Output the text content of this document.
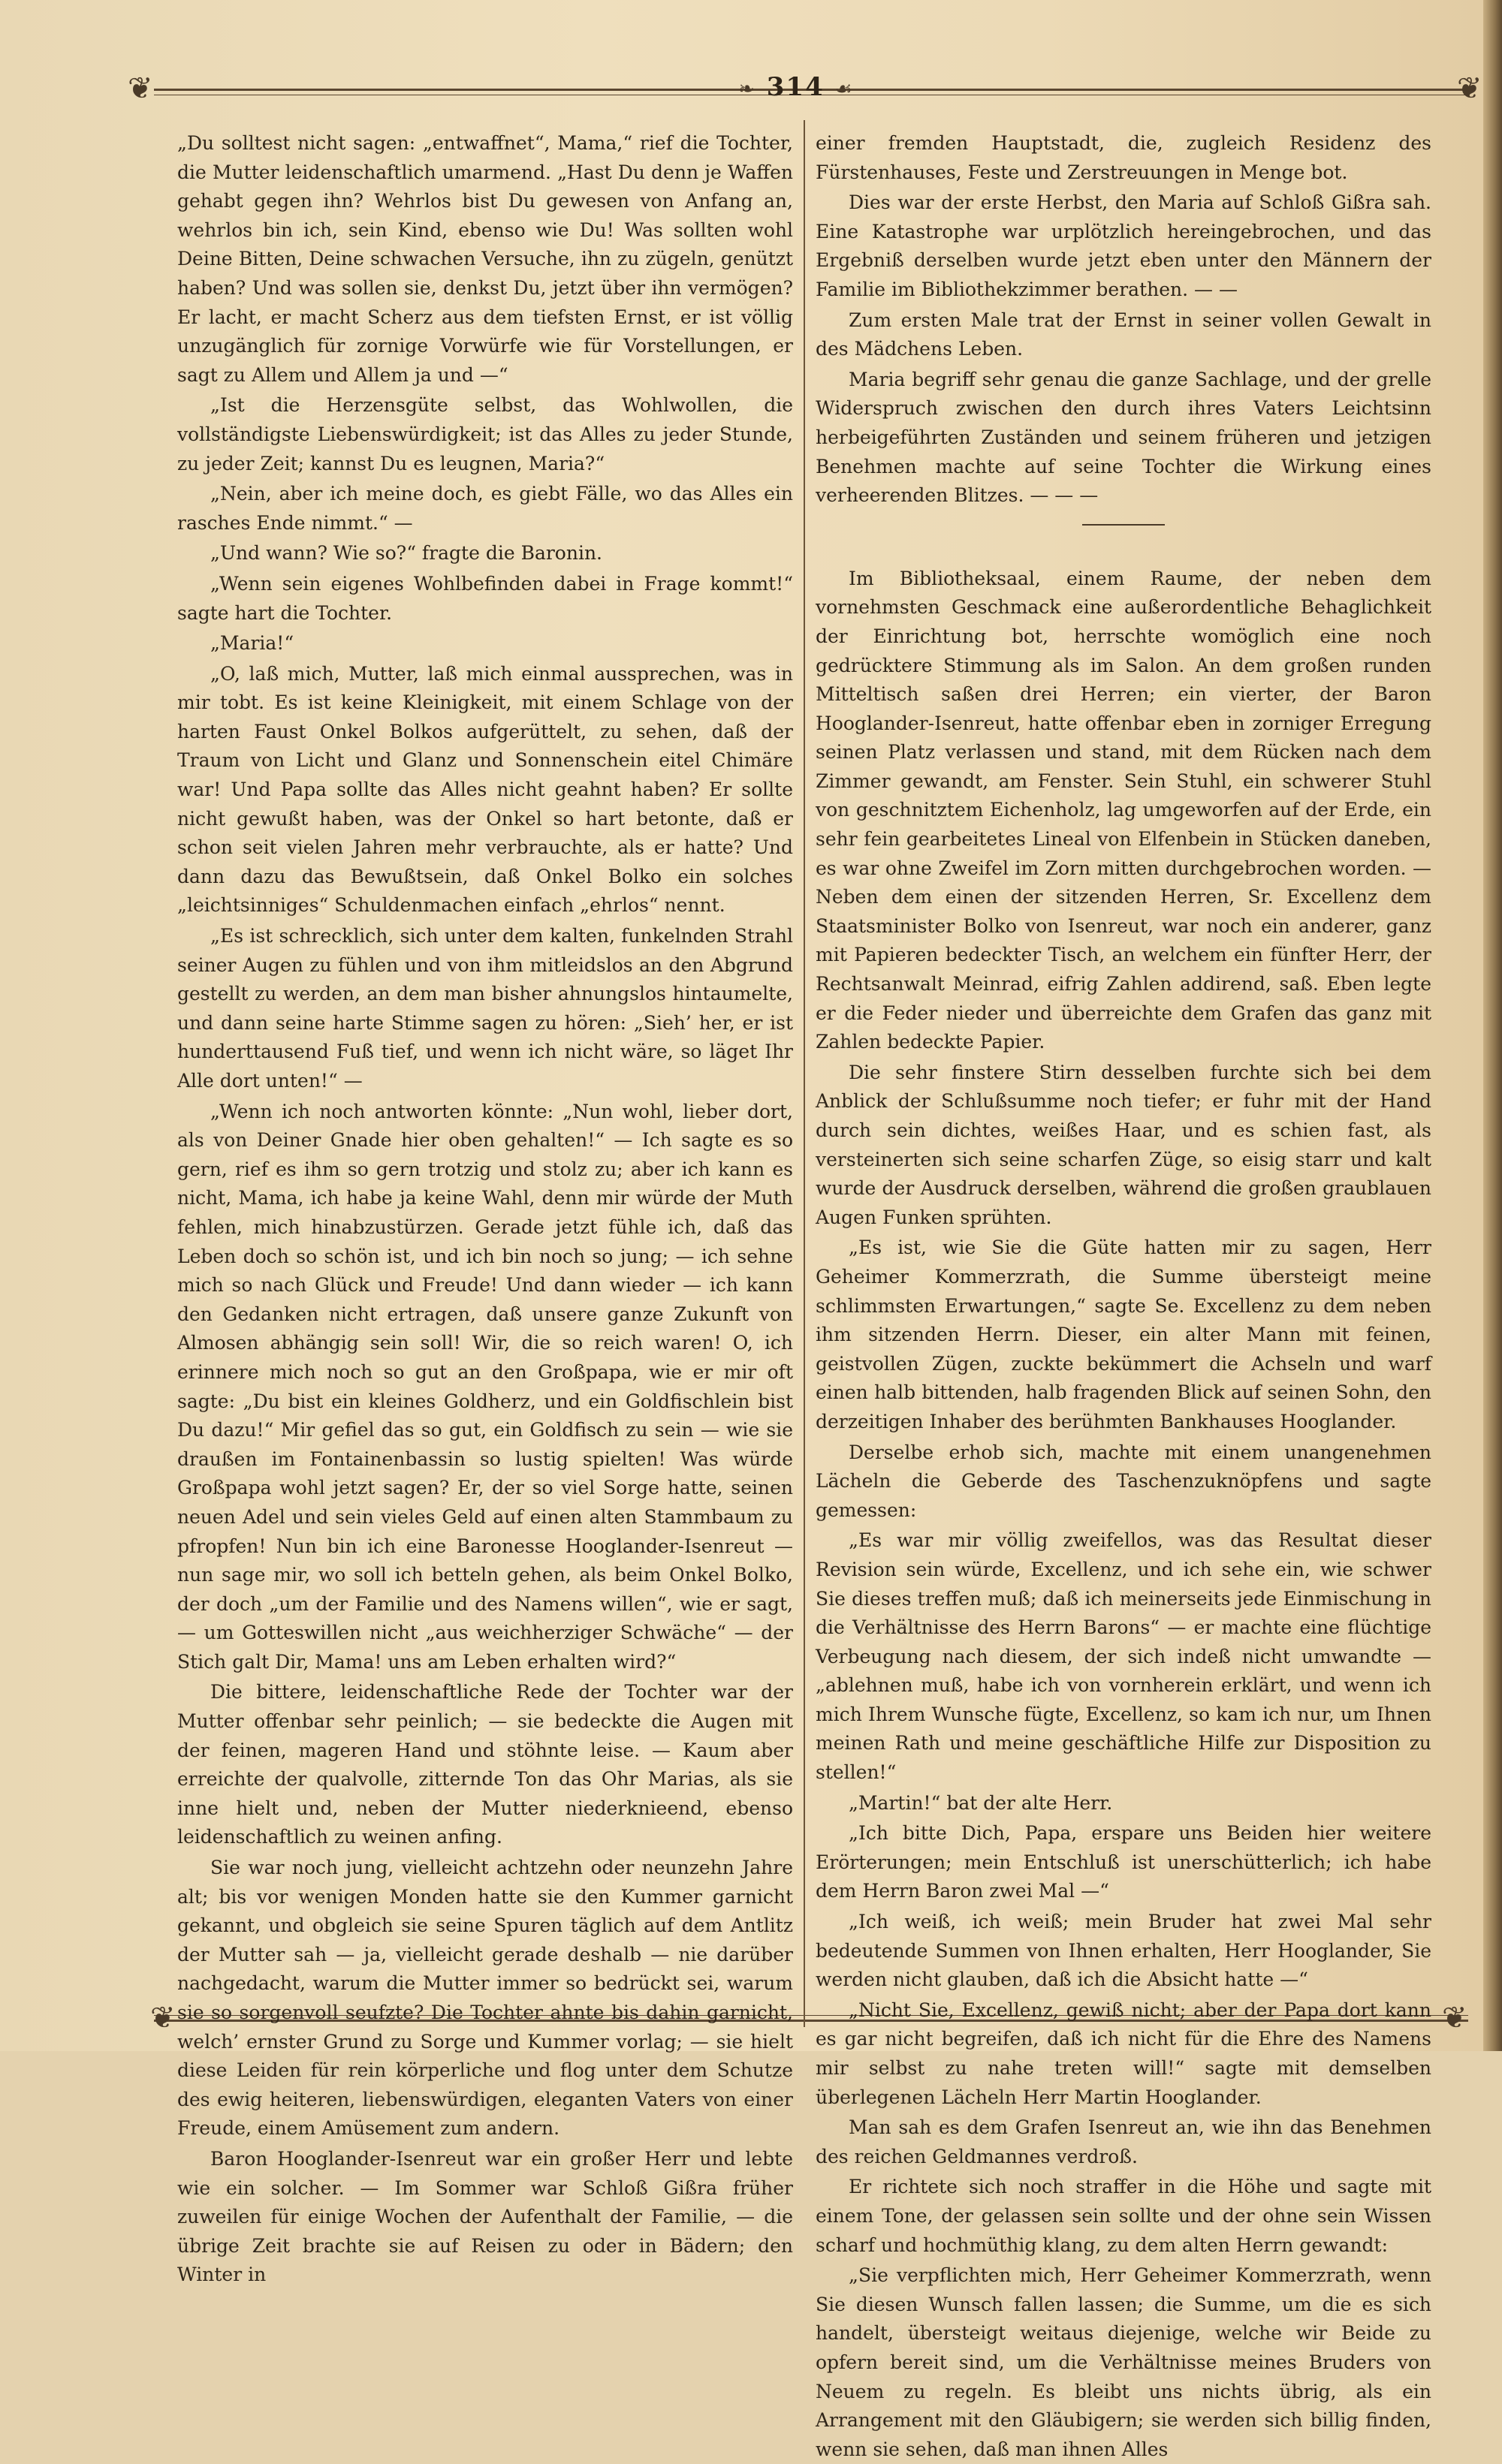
❦	❦
❦	❦
❧ 314 ☙

„Du solltest nicht sagen: „entwaffnet“, Mama,“ rief die Tochter, die Mutter leidenschaftlich umarmend. „Hast Du denn je Waffen gehabt gegen ihn? Wehrlos bist Du gewesen von Anfang an, wehrlos bin ich, sein Kind, ebenso wie Du! Was sollten wohl Deine Bitten, Deine schwachen Versuche, ihn zu zügeln, genützt haben? Und was sollen sie, denkst Du, jetzt über ihn vermögen? Er lacht, er macht Scherz aus dem tiefsten Ernst, er ist völlig unzugänglich für zornige Vorwürfe wie für Vorstellungen, er sagt zu Allem und Allem ja und —“

„Ist die Herzensgüte selbst, das Wohlwollen, die vollständigste Liebenswürdigkeit; ist das Alles zu jeder Stunde, zu jeder Zeit; kannst Du es leugnen, Maria?“

„Nein, aber ich meine doch, es giebt Fälle, wo das Alles ein rasches Ende nimmt.“ —

„Und wann? Wie so?“ fragte die Baronin.

„Wenn sein eigenes Wohlbefinden dabei in Frage kommt!“ sagte hart die Tochter.

„Maria!“

„O, laß mich, Mutter, laß mich einmal aussprechen, was in mir tobt. Es ist keine Kleinigkeit, mit einem Schlage von der harten Faust Onkel Bolkos aufgerüttelt, zu sehen, daß der Traum von Licht und Glanz und Sonnenschein eitel Chimäre war! Und Papa sollte das Alles nicht geahnt haben? Er sollte nicht gewußt haben, was der Onkel so hart betonte, daß er schon seit vielen Jahren mehr verbrauchte, als er hatte? Und dann dazu das Bewußtsein, daß Onkel Bolko ein solches „leichtsinniges“ Schuldenmachen einfach „ehrlos“ nennt.

„Es ist schrecklich, sich unter dem kalten, funkelnden Strahl seiner Augen zu fühlen und von ihm mitleidslos an den Abgrund gestellt zu werden, an dem man bisher ahnungslos hintaumelte, und dann seine harte Stimme sagen zu hören: „Sieh’ her, er ist hunderttausend Fuß tief, und wenn ich nicht wäre, so läget Ihr Alle dort unten!“ —

„Wenn ich noch antworten könnte: „Nun wohl, lieber dort, als von Deiner Gnade hier oben gehalten!“ — Ich sagte es so gern, rief es ihm so gern trotzig und stolz zu; aber ich kann es nicht, Mama, ich habe ja keine Wahl, denn mir würde der Muth fehlen, mich hinabzustürzen. Gerade jetzt fühle ich, daß das Leben doch so schön ist, und ich bin noch so jung; — ich sehne mich so nach Glück und Freude! Und dann wieder — ich kann den Gedanken nicht ertragen, daß unsere ganze Zukunft von Almosen abhängig sein soll! Wir, die so reich waren! O, ich erinnere mich noch so gut an den Großpapa, wie er mir oft sagte: „Du bist ein kleines Goldherz, und ein Goldfischlein bist Du dazu!“ Mir gefiel das so gut, ein Goldfisch zu sein — wie sie draußen im Fontainenbassin so lustig spielten! Was würde Großpapa wohl jetzt sagen? Er, der so viel Sorge hatte, seinen neuen Adel und sein vieles Geld auf einen alten Stammbaum zu pfropfen! Nun bin ich eine Baronesse Hooglander-Isenreut — nun sage mir, wo soll ich betteln gehen, als beim Onkel Bolko, der doch „um der Familie und des Namens willen“, wie er sagt, — um Gotteswillen nicht „aus weichherziger Schwäche“ — der Stich galt Dir, Mama! uns am Leben erhalten wird?“

Die bittere, leidenschaftliche Rede der Tochter war der Mutter offenbar sehr peinlich; — sie bedeckte die Augen mit der feinen, mageren Hand und stöhnte leise. — Kaum aber erreichte der qualvolle, zitternde Ton das Ohr Marias, als sie inne hielt und, neben der Mutter niederknieend, ebenso leidenschaftlich zu weinen anfing.

Sie war noch jung, vielleicht achtzehn oder neunzehn Jahre alt; bis vor wenigen Monden hatte sie den Kummer garnicht gekannt, und obgleich sie seine Spuren täglich auf dem Antlitz der Mutter sah — ja, vielleicht gerade deshalb — nie darüber nachgedacht, warum die Mutter immer so bedrückt sei, warum sie so sorgenvoll seufzte? Die Tochter ahnte bis dahin garnicht, welch’ ernster Grund zu Sorge und Kummer vorlag; — sie hielt diese Leiden für rein körperliche und flog unter dem Schutze des ewig heiteren, liebenswürdigen, eleganten Vaters von einer Freude, einem Amüsement zum andern.

Baron Hooglander-Isenreut war ein großer Herr und lebte wie ein solcher. — Im Sommer war Schloß Gißra früher zuweilen für einige Wochen der Aufenthalt der Familie, — die übrige Zeit brachte sie auf Reisen zu oder in Bädern; den Winter in

einer fremden Hauptstadt, die, zugleich Residenz des Fürstenhauses, Feste und Zerstreuungen in Menge bot.

Dies war der erste Herbst, den Maria auf Schloß Gißra sah. Eine Katastrophe war urplötzlich hereingebrochen, und das Ergebniß derselben wurde jetzt eben unter den Männern der Familie im Bibliothekzimmer berathen. — —

Zum ersten Male trat der Ernst in seiner vollen Gewalt in des Mädchens Leben.

Maria begriff sehr genau die ganze Sachlage, und der grelle Widerspruch zwischen den durch ihres Vaters Leichtsinn herbeigeführten Zuständen und seinem früheren und jetzigen Benehmen machte auf seine Tochter die Wirkung eines verheerenden Blitzes. — — —

Im Bibliotheksaal, einem Raume, der neben dem vornehmsten Geschmack eine außerordentliche Behaglichkeit der Einrichtung bot, herrschte womöglich eine noch gedrücktere Stimmung als im Salon. An dem großen runden Mitteltisch saßen drei Herren; ein vierter, der Baron Hooglander-Isenreut, hatte offenbar eben in zorniger Erregung seinen Platz verlassen und stand, mit dem Rücken nach dem Zimmer gewandt, am Fenster. Sein Stuhl, ein schwerer Stuhl von geschnitztem Eichenholz, lag umgeworfen auf der Erde, ein sehr fein gearbeitetes Lineal von Elfenbein in Stücken daneben, es war ohne Zweifel im Zorn mitten durchgebrochen worden. — Neben dem einen der sitzenden Herren, Sr. Excellenz dem Staatsminister Bolko von Isenreut, war noch ein anderer, ganz mit Papieren bedeckter Tisch, an welchem ein fünfter Herr, der Rechtsanwalt Meinrad, eifrig Zahlen addirend, saß. Eben legte er die Feder nieder und überreichte dem Grafen das ganz mit Zahlen bedeckte Papier.

Die sehr finstere Stirn desselben furchte sich bei dem Anblick der Schlußsumme noch tiefer; er fuhr mit der Hand durch sein dichtes, weißes Haar, und es schien fast, als versteinerten sich seine scharfen Züge, so eisig starr und kalt wurde der Ausdruck derselben, während die großen graublauen Augen Funken sprühten.

„Es ist, wie Sie die Güte hatten mir zu sagen, Herr Geheimer Kommerzrath, die Summe übersteigt meine schlimmsten Erwartungen,“ sagte Se. Excellenz zu dem neben ihm sitzenden Herrn. Dieser, ein alter Mann mit feinen, geistvollen Zügen, zuckte bekümmert die Achseln und warf einen halb bittenden, halb fragenden Blick auf seinen Sohn, den derzeitigen Inhaber des berühmten Bankhauses Hooglander.

Derselbe erhob sich, machte mit einem unangenehmen Lächeln die Geberde des Taschenzuknöpfens und sagte gemessen:

„Es war mir völlig zweifellos, was das Resultat dieser Revision sein würde, Excellenz, und ich sehe ein, wie schwer Sie dieses treffen muß; daß ich meinerseits jede Einmischung in die Verhältnisse des Herrn Barons“ — er machte eine flüchtige Verbeugung nach diesem, der sich indeß nicht umwandte — „ablehnen muß, habe ich von vornherein erklärt, und wenn ich mich Ihrem Wunsche fügte, Excellenz, so kam ich nur, um Ihnen meinen Rath und meine geschäftliche Hilfe zur Disposition zu stellen!“

„Martin!“ bat der alte Herr.

„Ich bitte Dich, Papa, erspare uns Beiden hier weitere Erörterungen; mein Entschluß ist unerschütterlich; ich habe dem Herrn Baron zwei Mal —“

„Ich weiß, ich weiß; mein Bruder hat zwei Mal sehr bedeutende Summen von Ihnen erhalten, Herr Hooglander, Sie werden nicht glauben, daß ich die Absicht hatte —“

„Nicht Sie, Excellenz, gewiß nicht; aber der Papa dort kann es gar nicht begreifen, daß ich nicht für die Ehre des Namens mir selbst zu nahe treten will!“ sagte mit demselben überlegenen Lächeln Herr Martin Hooglander.

Man sah es dem Grafen Isenreut an, wie ihn das Benehmen des reichen Geldmannes verdroß.

Er richtete sich noch straffer in die Höhe und sagte mit einem Tone, der gelassen sein sollte und der ohne sein Wissen scharf und hochmüthig klang, zu dem alten Herrn gewandt:

„Sie verpflichten mich, Herr Geheimer Kommerzrath, wenn Sie diesen Wunsch fallen lassen; die Summe, um die es sich handelt, übersteigt weitaus diejenige, welche wir Beide zu opfern bereit sind, um die Verhältnisse meines Bruders von Neuem zu regeln. Es bleibt uns nichts übrig, als ein Arrangement mit den Gläubigern; sie werden sich billig finden, wenn sie sehen, daß man ihnen Alles
